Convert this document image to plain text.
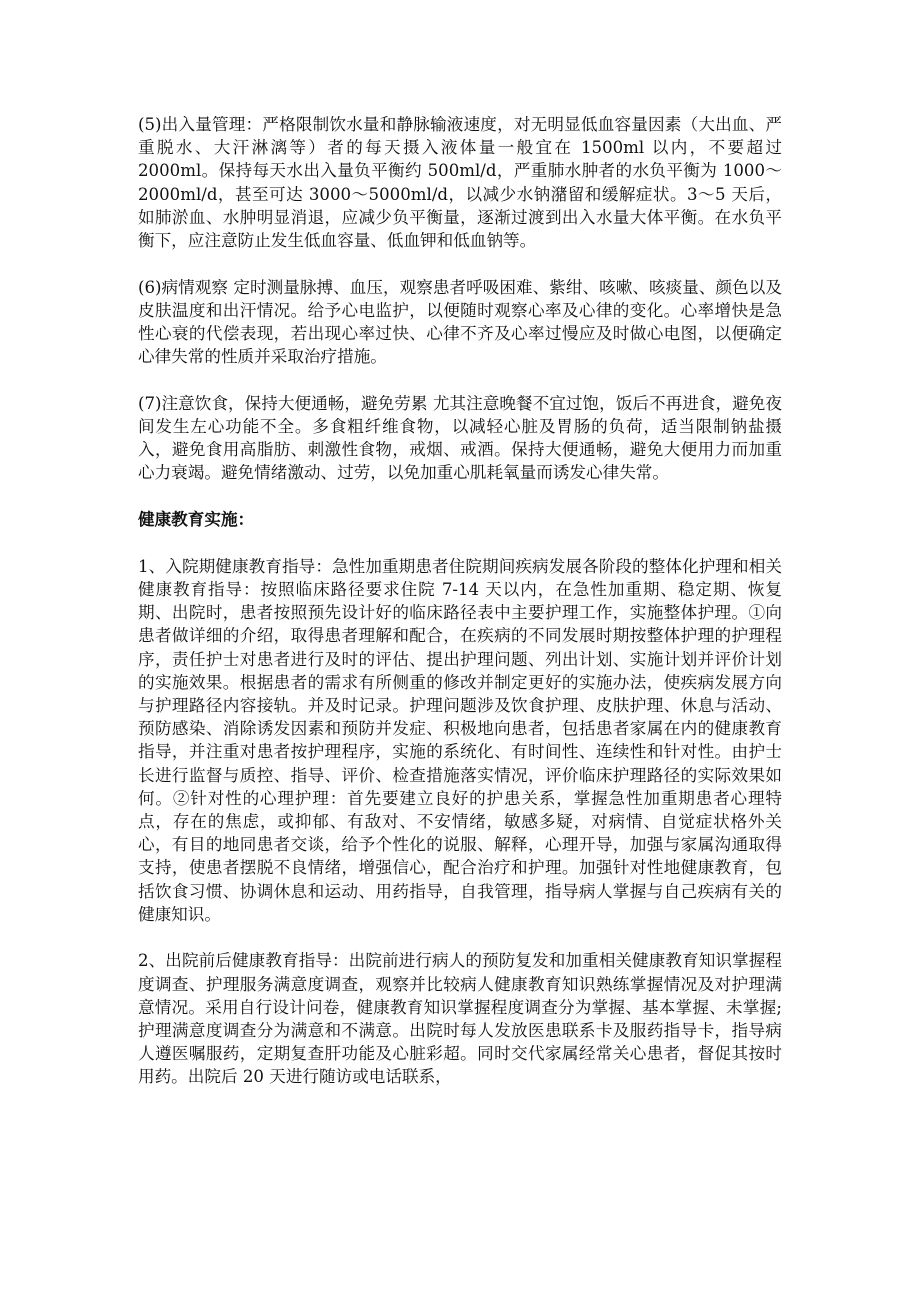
(5)出入量管理：严格限制饮水量和静脉输液速度，对无明显低血容量因素（大出血、严重脱水、大汗淋漓等）者的每天摄入液体量一般宜在 1500ml 以内，不要超过 2000ml。保持每天水出入量负平衡约 500ml/d，严重肺水肿者的水负平衡为 1000～2000ml/d，甚至可达 3000～5000ml/d，以减少水钠潴留和缓解症状。3～5 天后，如肺淤血、水肿明显消退，应减少负平衡量，逐渐过渡到出入水量大体平衡。在水负平衡下，应注意防止发生低血容量、低血钾和低血钠等。

(6)病情观察 定时测量脉搏、血压，观察患者呼吸困难、紫绀、咳嗽、咳痰量、颜色以及皮肤温度和出汗情况。给予心电监护，以便随时观察心率及心律的变化。心率增快是急性心衰的代偿表现，若出现心率过快、心律不齐及心率过慢应及时做心电图，以便确定心律失常的性质并采取治疗措施。

(7)注意饮食，保持大便通畅，避免劳累 尤其注意晚餐不宜过饱，饭后不再进食，避免夜间发生左心功能不全。多食粗纤维食物，以减轻心脏及胃肠的负荷，适当限制钠盐摄入，避免食用高脂肪、刺激性食物，戒烟、戒酒。保持大便通畅，避免大便用力而加重心力衰竭。避免情绪激动、过劳，以免加重心肌耗氧量而诱发心律失常。

健康教育实施：

1、入院期健康教育指导：急性加重期患者住院期间疾病发展各阶段的整体化护理和相关健康教育指导：按照临床路径要求住院 7-14 天以内，在急性加重期、稳定期、恢复期、出院时，患者按照预先设计好的临床路径表中主要护理工作，实施整体护理。①向患者做详细的介绍，取得患者理解和配合，在疾病的不同发展时期按整体护理的护理程序，责任护士对患者进行及时的评估、提出护理问题、列出计划、实施计划并评价计划的实施效果。根据患者的需求有所侧重的修改并制定更好的实施办法，使疾病发展方向与护理路径内容接轨。并及时记录。护理问题涉及饮食护理、皮肤护理、休息与活动、预防感染、消除诱发因素和预防并发症、积极地向患者，包括患者家属在内的健康教育指导，并注重对患者按护理程序，实施的系统化、有时间性、连续性和针对性。由护士长进行监督与质控、指导、评价、检查措施落实情况，评价临床护理路径的实际效果如何。②针对性的心理护理：首先要建立良好的护患关系，掌握急性加重期患者心理特点，存在的焦虑，或抑郁、有敌对、不安情绪，敏感多疑，对病情、自觉症状格外关心，有目的地同患者交谈，给予个性化的说服、解释，心理开导，加强与家属沟通取得支持，使患者摆脱不良情绪，增强信心，配合治疗和护理。加强针对性地健康教育，包括饮食习惯、协调休息和运动、用药指导，自我管理，指导病人掌握与自己疾病有关的健康知识。

2、出院前后健康教育指导：出院前进行病人的预防复发和加重相关健康教育知识掌握程度调查、护理服务满意度调查，观察并比较病人健康教育知识熟练掌握情况及对护理满意情况。采用自行设计问卷，健康教育知识掌握程度调查分为掌握、基本掌握、未掌握;护理满意度调查分为满意和不满意。出院时每人发放医患联系卡及服药指导卡，指导病人遵医嘱服药，定期复查肝功能及心脏彩超。同时交代家属经常关心患者，督促其按时用药。出院后 20 天进行随访或电话联系，
